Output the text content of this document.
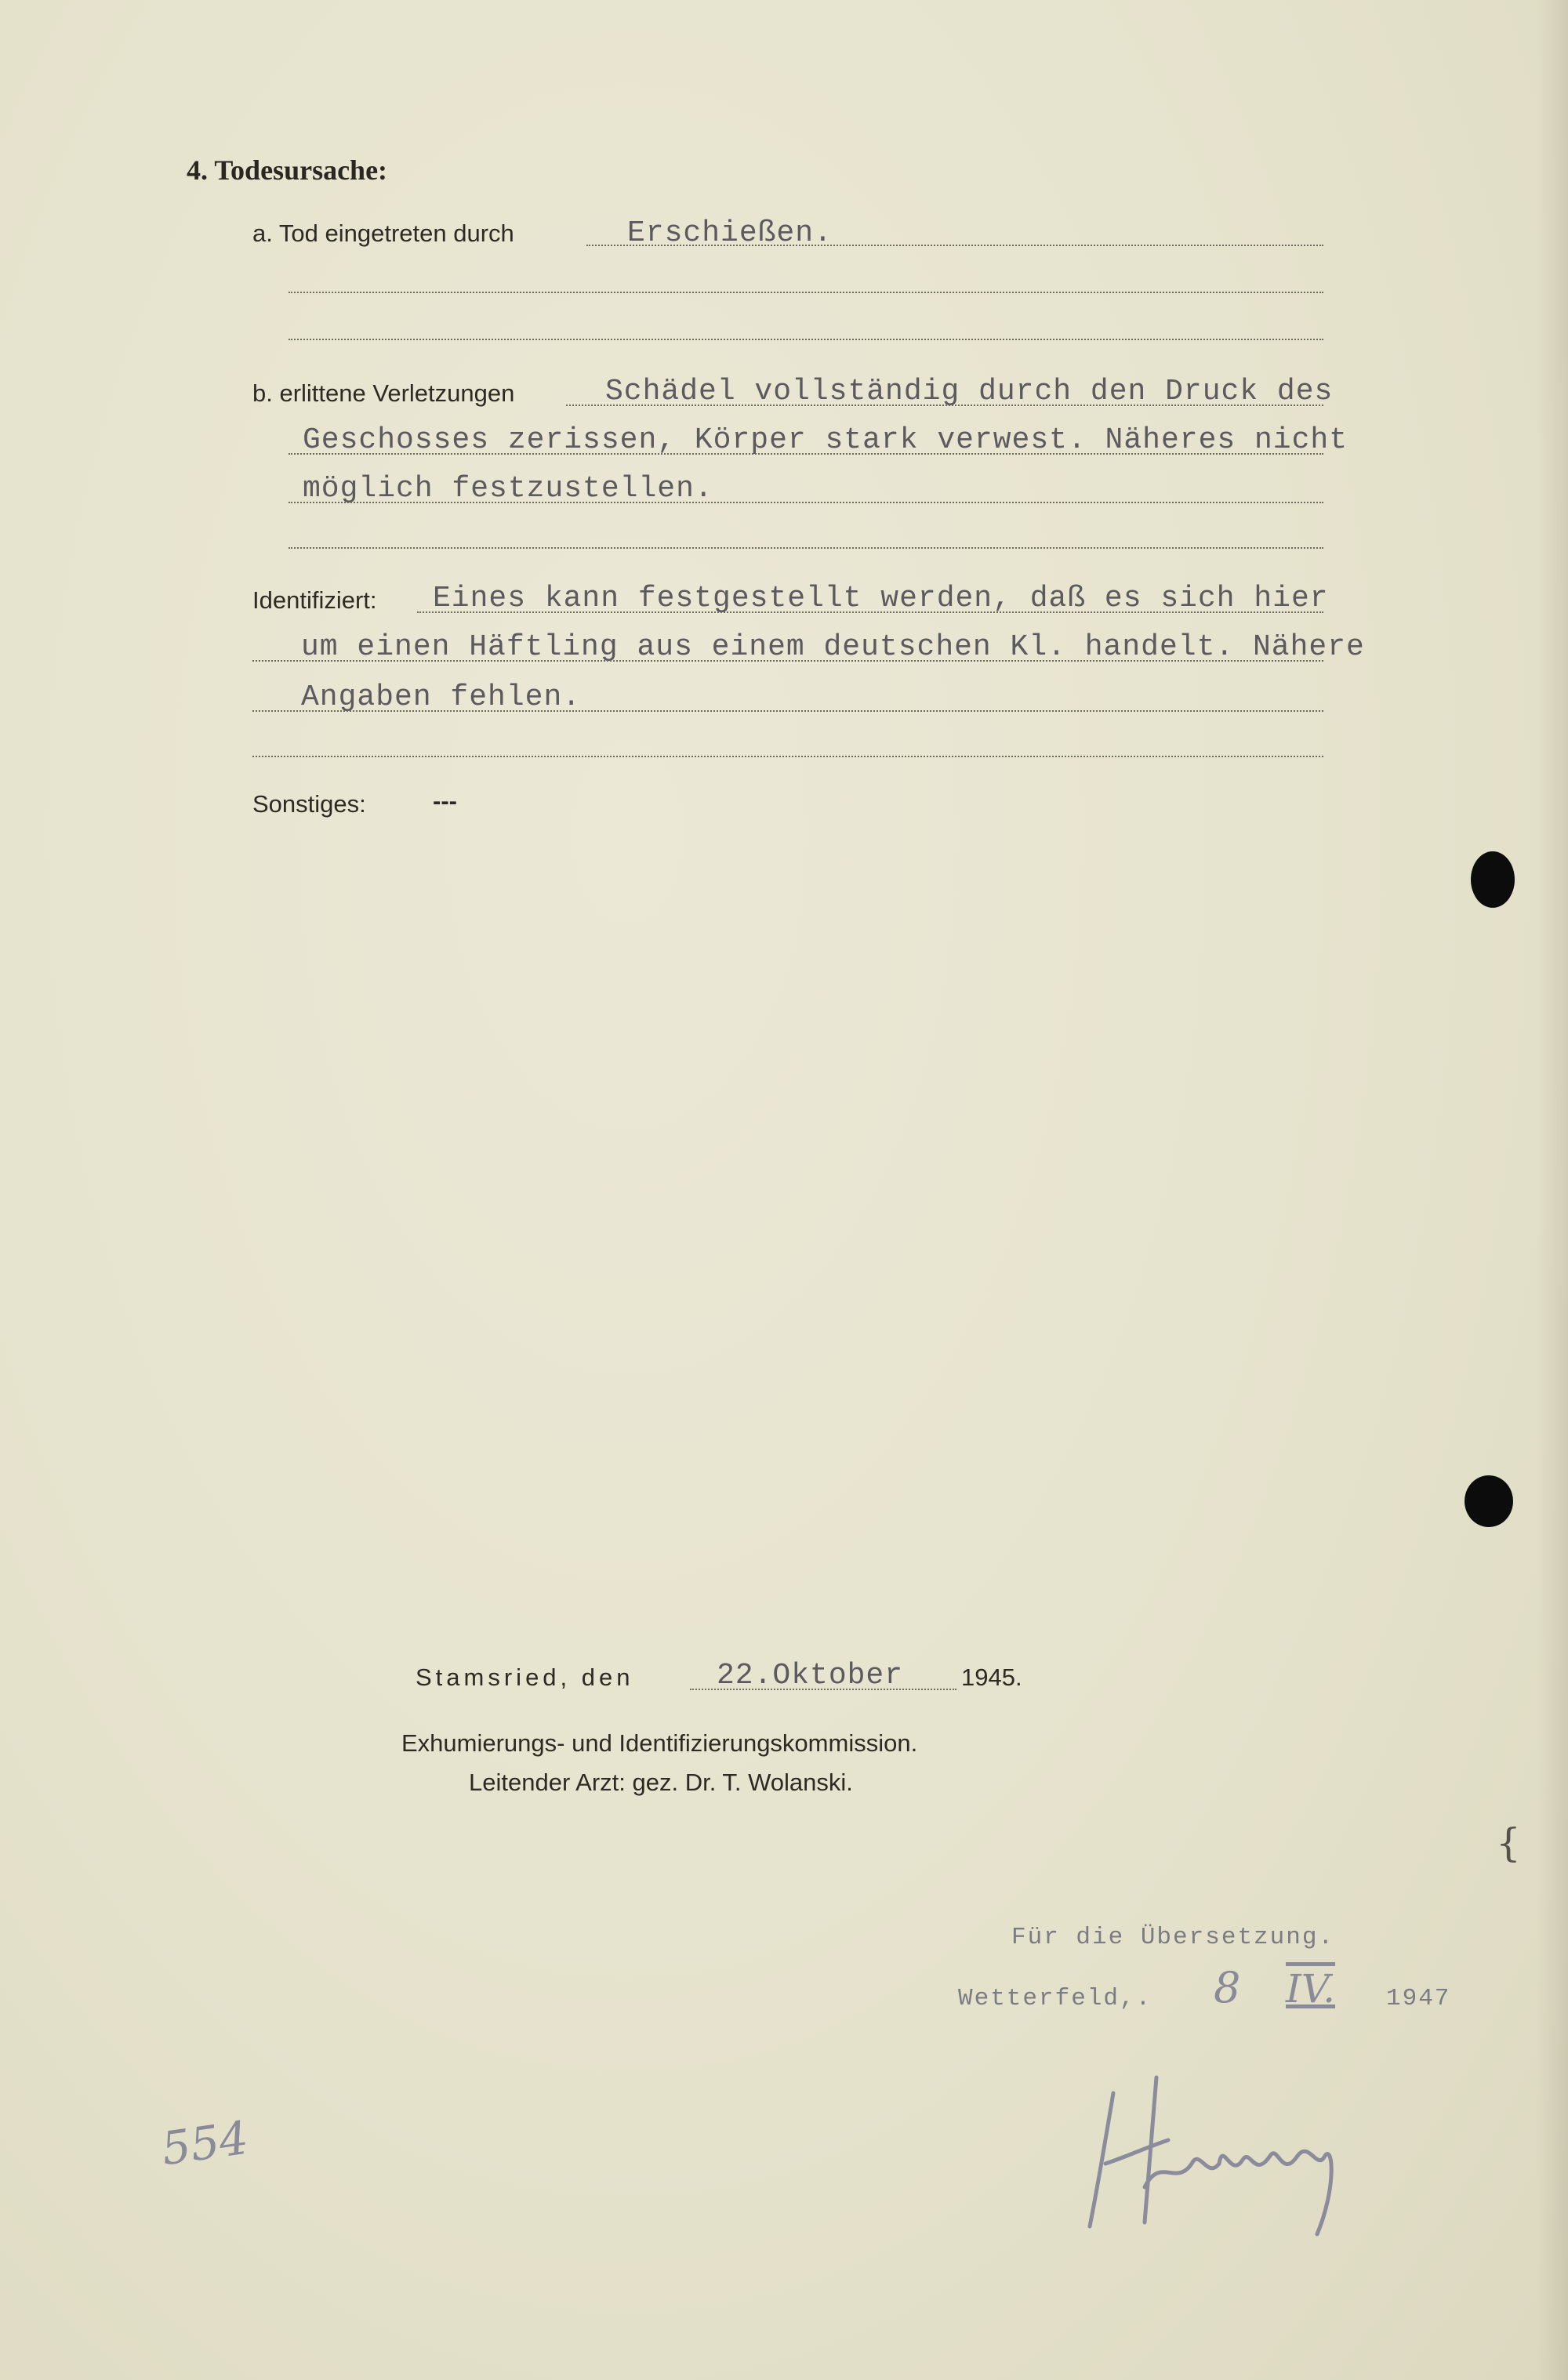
4. Todesursache:
a. Tod eingetreten durch	Erschießen.
b. erlittene Verletzungen	Schädel vollständig durch den Druck des
Geschosses zerissen, Körper stark verwest. Näheres nicht
möglich festzustellen.
Identifiziert: Eines kann festgestellt werden, daß es sich hier
um einen Häftling aus einem deutschen Kl. handelt. Nähere
Angaben fehlen.
Sonstiges:	---
Stamsried, den	22.Oktober 1945.
Exhumierungs- und Identifizierungskommission.
Leitender Arzt: gez. Dr. T. Wolanski.
Für die Übersetzung.
Wetterfeld,. 8 IV. 1947
554
{
